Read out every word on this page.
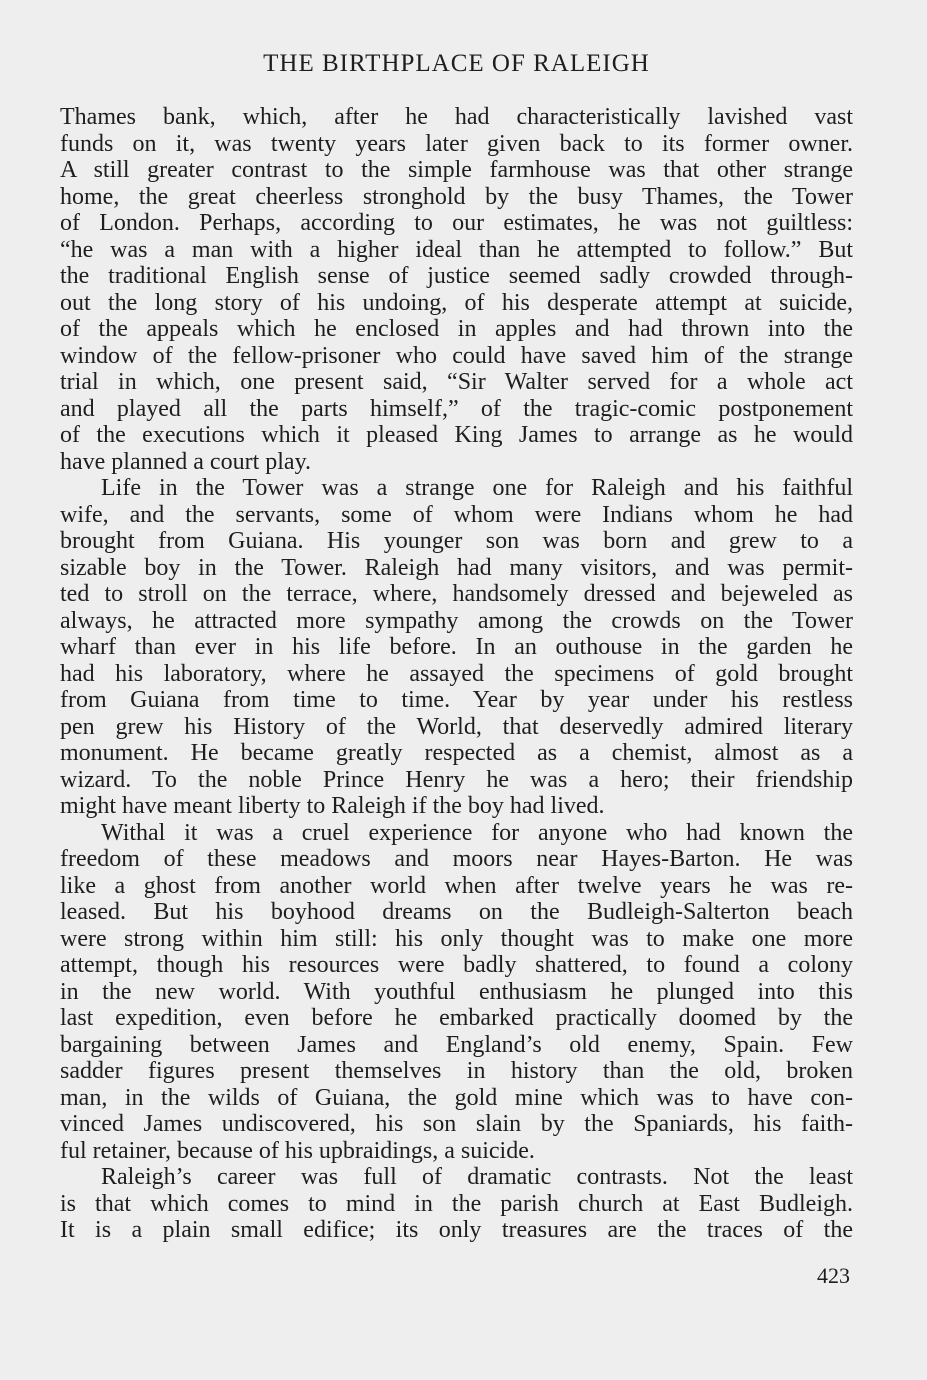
THE BIRTHPLACE OF RALEIGH

Thames bank, which, after he had characteristically lavished vast
funds on it, was twenty years later given back to its former owner.
A still greater contrast to the simple farmhouse was that other strange
home, the great cheerless stronghold by the busy Thames, the Tower
of London. Perhaps, according to our estimates, he was not guiltless:
“he was a man with a higher ideal than he attempted to follow.” But
the traditional English sense of justice seemed sadly crowded through-
out the long story of his undoing, of his desperate attempt at suicide,
of the appeals which he enclosed in apples and had thrown into the
window of the fellow-prisoner who could have saved him of the strange
trial in which, one present said, “Sir Walter served for a whole act
and played all the parts himself,” of the tragic-comic postponement
of the executions which it pleased King James to arrange as he would
have planned a court play.

Life in the Tower was a strange one for Raleigh and his faithful
wife, and the servants, some of whom were Indians whom he had
brought from Guiana. His younger son was born and grew to a
sizable boy in the Tower. Raleigh had many visitors, and was permit-
ted to stroll on the terrace, where, handsomely dressed and bejeweled as
always, he attracted more sympathy among the crowds on the Tower
wharf than ever in his life before. In an outhouse in the garden he
had his laboratory, where he assayed the specimens of gold brought
from Guiana from time to time. Year by year under his restless
pen grew his History of the World, that deservedly admired literary
monument. He became greatly respected as a chemist, almost as a
wizard. To the noble Prince Henry he was a hero; their friendship
might have meant liberty to Raleigh if the boy had lived.

Withal it was a cruel experience for anyone who had known the
freedom of these meadows and moors near Hayes-Barton. He was
like a ghost from another world when after twelve years he was re-
leased. But his boyhood dreams on the Budleigh-Salterton beach
were strong within him still: his only thought was to make one more
attempt, though his resources were badly shattered, to found a colony
in the new world. With youthful enthusiasm he plunged into this
last expedition, even before he embarked practically doomed by the
bargaining between James and England’s old enemy, Spain. Few
sadder figures present themselves in history than the old, broken
man, in the wilds of Guiana, the gold mine which was to have con-
vinced James undiscovered, his son slain by the Spaniards, his faith-
ful retainer, because of his upbraidings, a suicide.

Raleigh’s career was full of dramatic contrasts. Not the least
is that which comes to mind in the parish church at East Budleigh.
It is a plain small edifice; its only treasures are the traces of the

423
